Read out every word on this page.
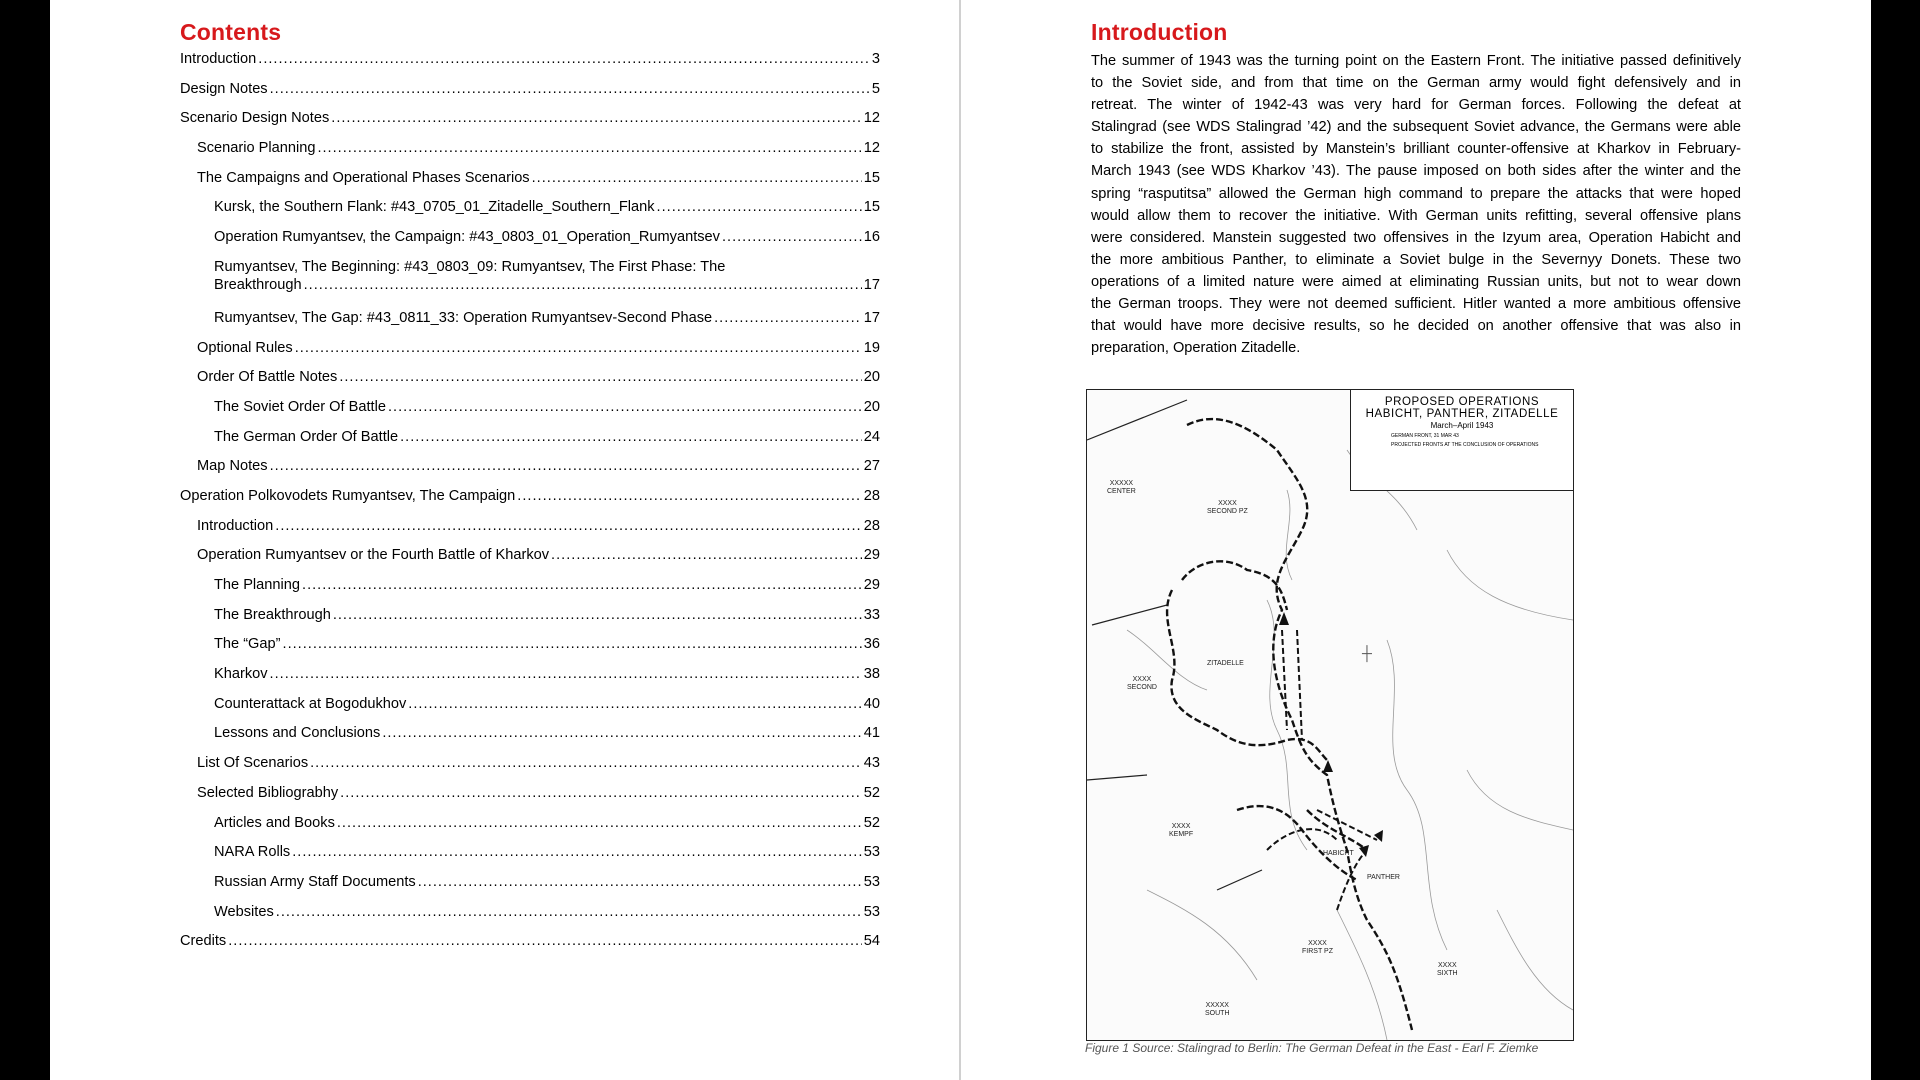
Contents
Introduction .....	3
Design Notes .....	5
Scenario Design Notes .....	12
Scenario Planning .....	12
The Campaigns and Operational Phases Scenarios .....	15
Kursk, the Southern Flank: #43_0705_01_Zitadelle_Southern_Flank .....	15
Operation Rumyantsev, the Campaign: #43_0803_01_Operation_Rumyantsev .....	16
Rumyantsev, The Beginning: #43_0803_09: Rumyantsev, The First Phase: The
Breakthrough .....	17
Rumyantsev, The Gap: #43_0811_33: Operation Rumyantsev-Second Phase .....	17
Optional Rules .....	19
Order Of Battle Notes .....	20
The Soviet Order Of Battle .....	20
The German Order Of Battle .....	24
Map Notes .....	27
Operation Polkovodets Rumyantsev, The Campaign .....	28
Introduction .....	28
Operation Rumyantsev or the Fourth Battle of Kharkov .....	29
The Planning .....	29
The Breakthrough .....	33
The “Gap” .....	36
Kharkov .....	38
Counterattack at Bogodukhov .....	40
Lessons and Conclusions .....	41
List Of Scenarios .....	43
Selected Bibliograbhy .....	52
Articles and Books .....	52
NARA Rolls .....	53
Russian Army Staff Documents .....	53
Websites .....	53
Credits .....	54
Introduction
The summer of 1943 was the turning point on the Eastern Front. The initiative passed definitively
to the Soviet side, and from that time on the German army would fight defensively and in
retreat. The winter of 1942-43 was very hard for German forces. Following the defeat at
Stalingrad (see WDS Stalingrad ’42) and the subsequent Soviet advance, the Germans were able
to stabilize the front, assisted by Manstein’s brilliant counter-offensive at Kharkov in February-
March 1943 (see WDS Kharkov ’43). The pause imposed on both sides after the winter and the
spring “rasputitsa” allowed the German high command to prepare the attacks that were hoped
would allow them to recover the initiative. With German units refitting, several offensive plans
were considered. Manstein suggested two offensives in the Izyum area, Operation Habicht and
the more ambitious Panther, to eliminate a Soviet bulge in the Severnyy Donets. These two
operations of a limited nature were aimed at eliminating Russian units, but not to wear down
the German troops. They were not deemed sufficient. Hitler wanted a more ambitious offensive
that would have more decisive results, so he decided on another offensive that was also in
preparation, Operation Zitadelle.
PROPOSED OPERATIONS
HABICHT, PANTHER, ZITADELLE
March–April 1943
GERMAN FRONT, 31 MAR 43
PROJECTED FRONTS AT THE CONCLUSION OF OPERATIONS
XXXXX
CENTER
XXXX
SECOND PZ
ZITADELLE
XXXX
SECOND
XXXX
KEMPF
HABICHT
PANTHER
XXXX
FIRST PZ
XXXX
SIXTH
XXXXX
SOUTH
Figure 1 Source: Stalingrad to Berlin: The German Defeat in the East - Earl F. Ziemke
┼
